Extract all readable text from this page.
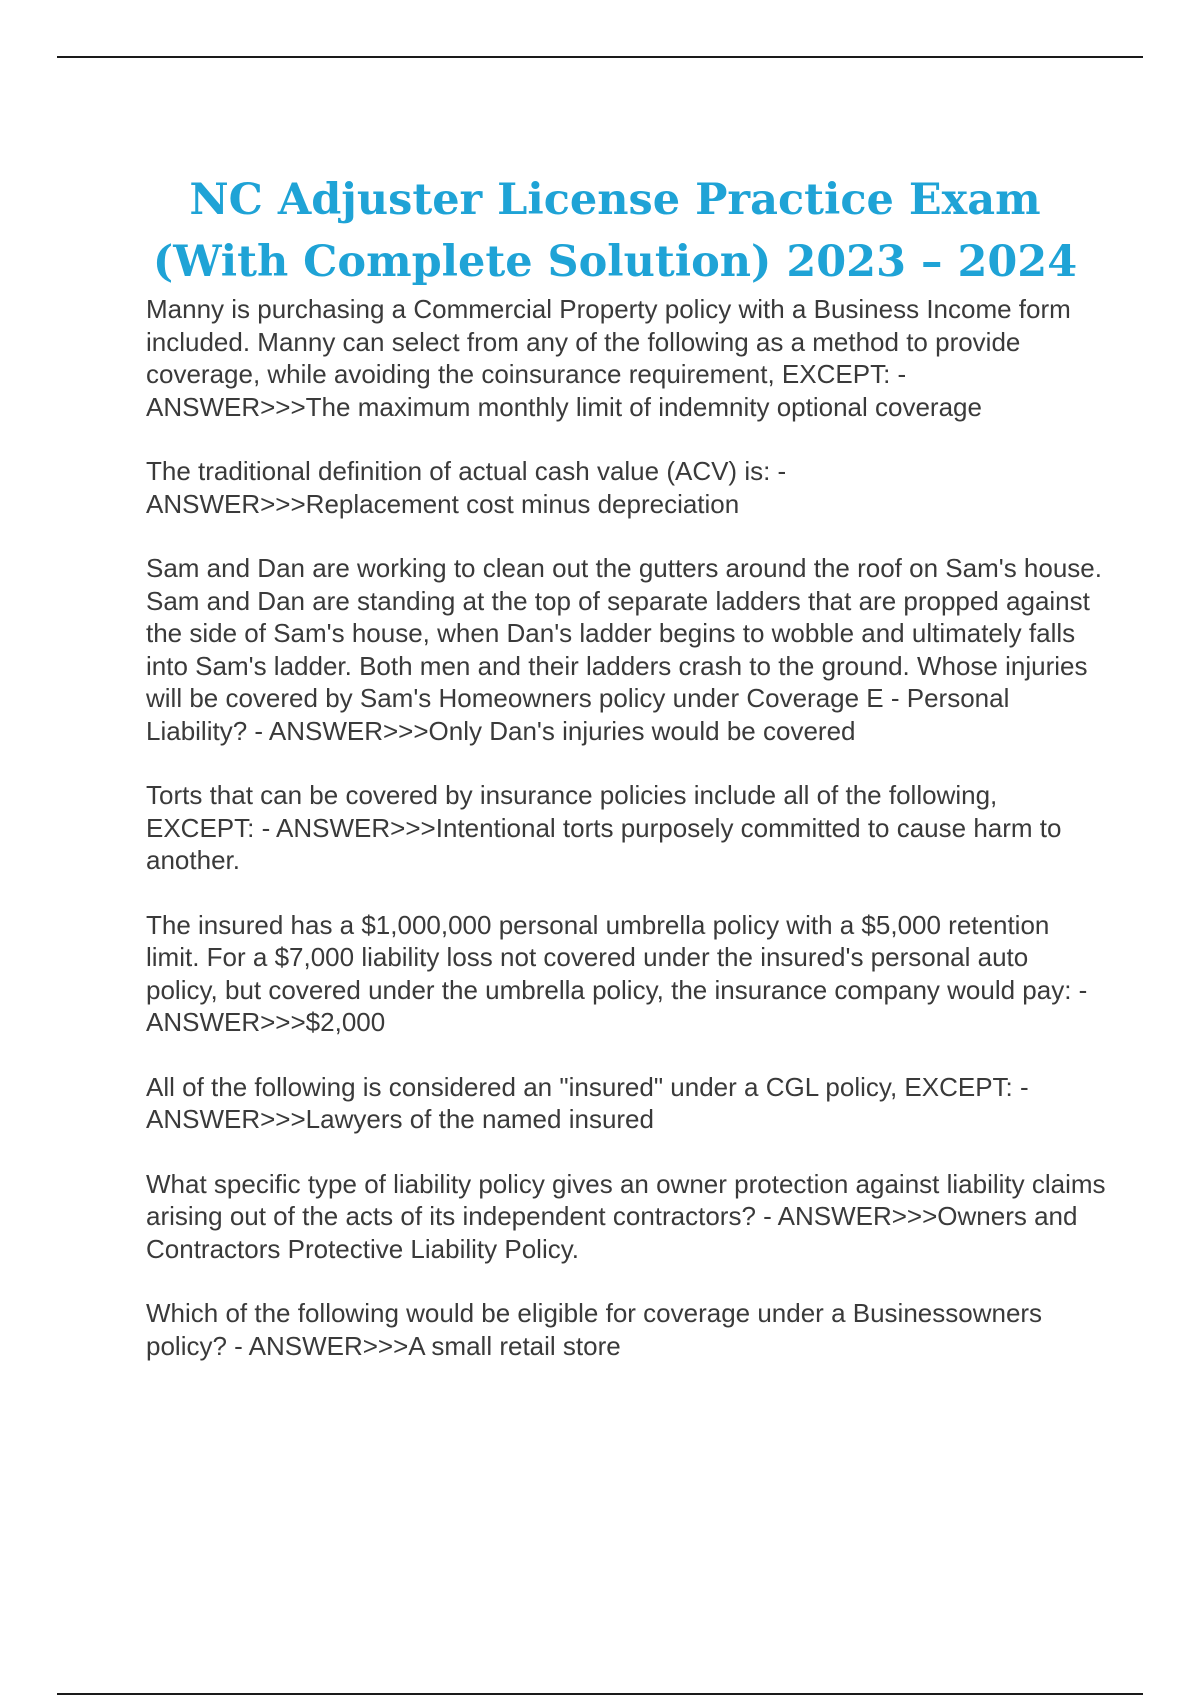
NC Adjuster License Practice Exam (With Complete Solution) 2023 – 2024

Manny is purchasing a Commercial Property policy with a Business Income form included. Manny can select from any of the following as a method to provide coverage, while avoiding the coinsurance requirement, EXCEPT: - ANSWER>>>The maximum monthly limit of indemnity optional coverage

The traditional definition of actual cash value (ACV) is: -
ANSWER>>>Replacement cost minus depreciation

Sam and Dan are working to clean out the gutters around the roof on Sam's house. Sam and Dan are standing at the top of separate ladders that are propped against the side of Sam's house, when Dan's ladder begins to wobble and ultimately falls into Sam's ladder. Both men and their ladders crash to the ground. Whose injuries will be covered by Sam's Homeowners policy under Coverage E - Personal Liability? - ANSWER>>>Only Dan's injuries would be covered

Torts that can be covered by insurance policies include all of the following, EXCEPT: - ANSWER>>>Intentional torts purposely committed to cause harm to another.

The insured has a $1,000,000 personal umbrella policy with a $5,000 retention limit. For a $7,000 liability loss not covered under the insured's personal auto policy, but covered under the umbrella policy, the insurance company would pay: - ANSWER>>>$2,000

All of the following is considered an "insured" under a CGL policy, EXCEPT: - ANSWER>>>Lawyers of the named insured

What specific type of liability policy gives an owner protection against liability claims arising out of the acts of its independent contractors? - ANSWER>>>Owners and Contractors Protective Liability Policy.

Which of the following would be eligible for coverage under a Businessowners policy? - ANSWER>>>A small retail store
